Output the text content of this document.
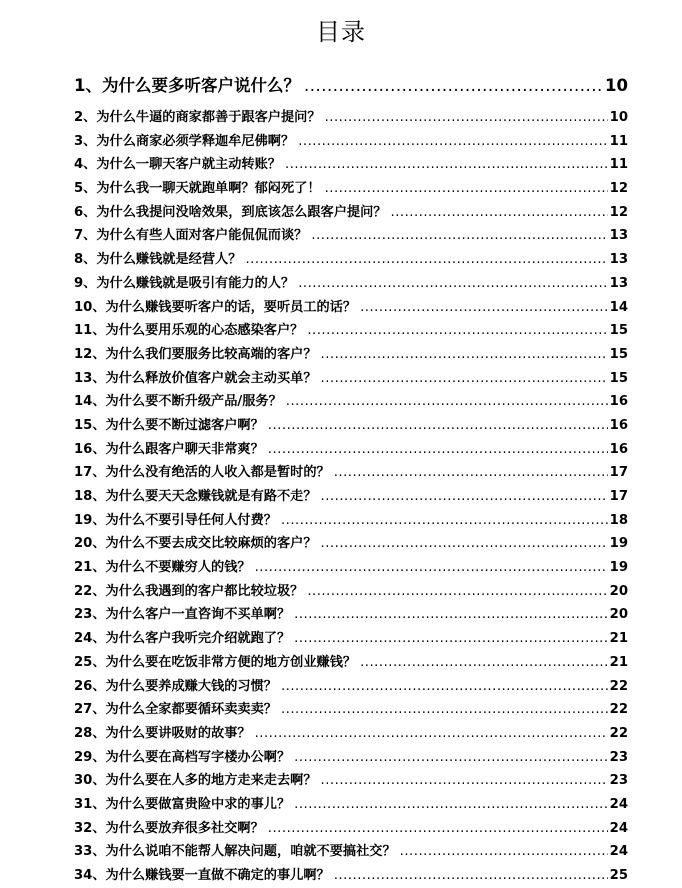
目录
1、为什么要多听客户说什么？ .....	10
2、为什么牛逼的商家都善于跟客户提问？ .....	10
3、为什么商家必须学释迦牟尼佛啊？ .....	11
4、为什么一聊天客户就主动转账？ .....	11
5、为什么我一聊天就跑单啊？郁闷死了！ .....	12
6、为什么我提问没啥效果，到底该怎么跟客户提问？ .....	12
7、为什么有些人面对客户能侃侃而谈？ .....	13
8、为什么赚钱就是经营人？ .....	13
9、为什么赚钱就是吸引有能力的人？ .....	13
10、为什么赚钱要听客户的话，要听员工的话？ .....	14
11、为什么要用乐观的心态感染客户？ .....	15
12、为什么我们要服务比较高端的客户？ .....	15
13、为什么释放价值客户就会主动买单？ .....	15
14、为什么要不断升级产品/服务？ .....	16
15、为什么要不断过滤客户啊？ .....	16
16、为什么跟客户聊天非常爽？ .....	16
17、为什么没有绝活的人收入都是暂时的？ .....	17
18、为什么要天天念赚钱就是有路不走？ .....	17
19、为什么不要引导任何人付费？ .....	18
20、为什么不要去成交比较麻烦的客户？ .....	19
21、为什么不要赚穷人的钱？ .....	19
22、为什么我遇到的客户都比较垃圾？ .....	20
23、为什么客户一直咨询不买单啊？ .....	20
24、为什么客户我听完介绍就跑了？ .....	21
25、为什么要在吃饭非常方便的地方创业赚钱？ .....	21
26、为什么要养成赚大钱的习惯？ .....	22
27、为什么全家都要循环卖卖卖？ .....	22
28、为什么要讲吸财的故事？ .....	22
29、为什么要在高档写字楼办公啊？ .....	23
30、为什么要在人多的地方走来走去啊？ .....	23
31、为什么要做富贵险中求的事儿？ .....	24
32、为什么要放弃很多社交啊？ .....	24
33、为什么说咱不能帮人解决问题，咱就不要搞社交？ .....	24
34、为什么赚钱要一直做不确定的事儿啊？ .....	25
